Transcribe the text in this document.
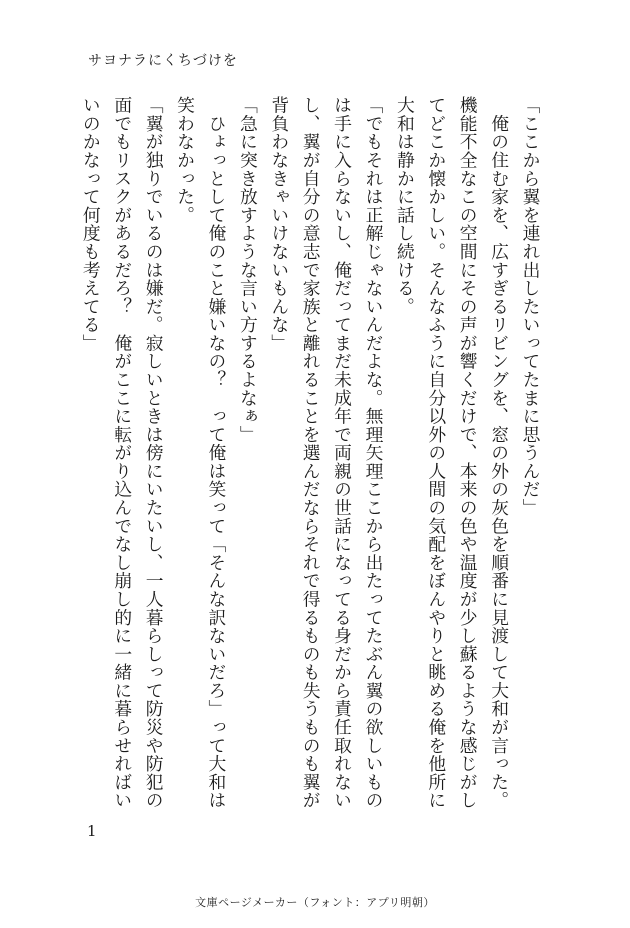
サヨナラにくちづけを

「ここから翼を連れ出したいってたまに思うんだ」

　俺の住む家を、広すぎるリビングを、窓の外の灰色を順番に見渡して大和が言った。

機能不全なこの空間にその声が響くだけで、本来の色や温度が少し蘇るような感じがし

てどこか懐かしい。そんなふうに自分以外の人間の気配をぼんやりと眺める俺を他所に

大和は静かに話し続ける。

「でもそれは正解じゃないんだよな。無理矢理ここから出たってたぶん翼の欲しいもの

は手に入らないし、俺だってまだ未成年で両親の世話になってる身だから責任取れない

し、翼が自分の意志で家族と離れることを選んだならそれで得るものも失うものも翼が

背負わなきゃいけないもんな」

「急に突き放すような言い方するよなぁ」

　ひょっとして俺のこと嫌いなの？　って俺は笑って「そんな訳ないだろ」って大和は

笑わなかった。

「翼が独りでいるのは嫌だ。寂しいときは傍にいたいし、一人暮らしって防災や防犯の

面でもリスクがあるだろ？　俺がここに転がり込んでなし崩し的に一緒に暮らせればい

いのかなって何度も考えてる」

1
文庫ページメーカー（フォント：アプリ明朝）
